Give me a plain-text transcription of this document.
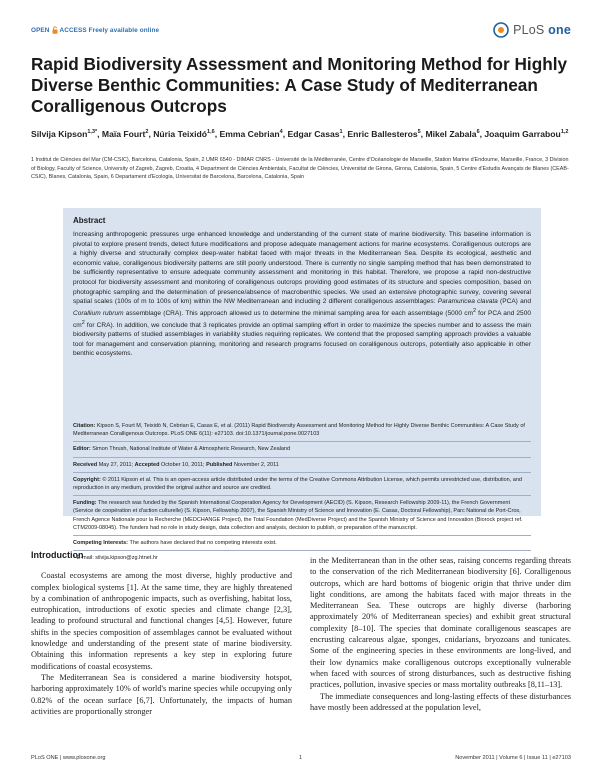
OPEN ACCESS Freely available online	PLoS one
Rapid Biodiversity Assessment and Monitoring Method for Highly Diverse Benthic Communities: A Case Study of Mediterranean Coralligenous Outcrops
Silvija Kipson$^{1,3*}$, Maïa Fourt$^2$, Núria Teixidó$^{1,6}$, Emma Cebrian$^4$, Edgar Casas$^1$, Enric Ballesteros$^5$, Mikel Zabala$^6$, Joaquim Garrabou$^{1,2}$
1 Institut de Ciències del Mar (CM-CSIC), Barcelona, Catalonia, Spain, 2 UMR 6540 - DIMAR CNRS - Université de la Méditerranée, Centre d'Océanologie de Marseille, Station Marine d'Endoume, Marseille, France, 3 Division of Biology, Faculty of Science, University of Zagreb, Zagreb, Croatia, 4 Department de Ciències Ambientals, Facultat de Ciències, Universitat de Girona, Girona, Catalonia, Spain, 5 Centre d'Estudis Avançats de Blanes (CEAB-CSIC), Blanes, Catalonia, Spain, 6 Departament d'Ecologia, Universitat de Barcelona, Barcelona, Catalonia, Spain
Abstract
Increasing anthropogenic pressures urge enhanced knowledge and understanding of the current state of marine biodiversity. This baseline information is pivotal to explore present trends, detect future modifications and propose adequate management actions for marine ecosystems. Coralligenous outcrops are a highly diverse and structurally complex deep-water habitat faced with major threats in the Mediterranean Sea. Despite its ecological, aesthetic and economic value, coralligenous biodiversity patterns are still poorly understood. There is currently no single sampling method that has been demonstrated to be sufficiently representative to ensure adequate community assessment and monitoring in this habitat. Therefore, we propose a rapid non-destructive protocol for biodiversity assessment and monitoring of coralligenous outcrops providing good estimates of its structure and species composition, based on photographic sampling and the determination of presence/absence of macrobenthic species. We used an extensive photographic survey, covering several spatial scales (100s of m to 100s of km) within the NW Mediterranean and including 2 different coralligenous assemblages: Paramuricea clavata (PCA) and Corallium rubrum assemblage (CRA). This approach allowed us to determine the minimal sampling area for each assemblage (5000 $cm^2$ for PCA and 2500 $cm^2$ for CRA). In addition, we conclude that 3 replicates provide an optimal sampling effort in order to maximize the species number and to assess the main biodiversity patterns of studied assemblages in variability studies requiring replicates. We contend that the proposed sampling approach provides a valuable tool for management and conservation planning, monitoring and research programs focused on coralligenous outcrops, potentially also applicable in other benthic ecosystems.

Citation: Kipson S, Fourt M, Teixidó N, Cebrian E, Casas E, et al. (2011) Rapid Biodiversity Assessment and Monitoring Method for Highly Diverse Benthic Communities: A Case Study of Mediterranean Coralligenous Outcrops. PLoS ONE 6(11): e27103. doi:10.1371/journal.pone.0027103

Editor: Simon Thrush, National Institute of Water & Atmospheric Research, New Zealand

Received May 27, 2011; Accepted October 10, 2011; Published November 2, 2011

Copyright: © 2011 Kipson et al. This is an open-access article distributed under the terms of the Creative Commons Attribution License, which permits unrestricted use, distribution, and reproduction in any medium, provided the original author and source are credited.

Funding: The research was funded by the Spanish International Cooperation Agency for Development (AECID) (S. Kipson, Research Fellowship 2009-11), the French Government (Service de coopération et d'action culturelle) (S. Kipson, Fellowship 2007), the Spanish Ministry of Science and Innovation (E. Casas, Doctoral Fellowship), Parc National de Port-Cros, French Agence Nationale pour la Recherche (MEDCHANGE Project), the Total Foundation (MedDiverse Project) and the Spanish Ministry of Science and Innovation (Biorock project ref. CTM2009-08045). The funders had no role in study design, data collection and analysis, decision to publish, or preparation of the manuscript.

Competing Interests: The authors have declared that no competing interests exist.

* E-mail: silvija.kipson@zg.htnet.hr

Introduction

Coastal ecosystems are among the most diverse, highly productive and complex biological systems [1]. At the same time, they are highly threatened by a combination of anthropogenic impacts, such as overfishing, habitat loss, eutrophication, introductions of exotic species and climate change [2,3], leading to profound structural and functional changes [4,5]. However, future shifts in the species composition of assemblages cannot be evaluated without knowledge and understanding of the present state of marine biodiversity. Obtaining this information represents a key step in exploring future modifications of coastal ecosystems.

The Mediterranean Sea is considered a marine biodiversity hotspot, harboring approximately 10% of world's marine species while occupying only 0.82% of the ocean surface [6,7]. Unfortunately, the impacts of human activities are proportionally stronger

in the Mediterranean than in the other seas, raising concerns regarding threats to the conservation of the rich Mediterranean biodiversity [6]. Coralligenous outcrops, which are hard bottoms of biogenic origin that thrive under dim light conditions, are among the habitats faced with major threats in the Mediterranean Sea. These outcrops are highly diverse (harboring approximately 20% of Mediterranean species) and exhibit great structural complexity [8–10]. The species that dominate coralligenous seascapes are encrusting calcareous algae, sponges, cnidarians, bryozoans and tunicates. Some of the engineering species in these environments are long-lived, and their low dynamics make coralligenous outcrops exceptionally vulnerable when faced with sources of strong disturbances, such as destructive fishing practices, pollution, invasive species or mass mortality outbreaks [8,11–13].

The immediate consequences and long-lasting effects of these disturbances have mostly been addressed at the population level,

PLoS ONE | www.plosone.org	1	November 2011 | Volume 6 | Issue 11 | e27103
